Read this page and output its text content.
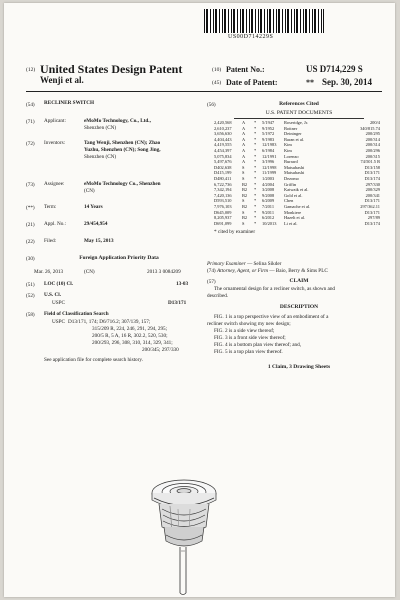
US00D714229S
(12) United States Design Patent
Wenji et al.
(10) Patent No.:	US D714,229 S
(45) Date of Patent:	** Sep. 30, 2014
(54) RECLINER SWITCH
(71) Applicant:	eMoMo Technology, Co., Ltd.,
Shenzhen (CN)
(72) Inventors:	Tang Wenji, Shenzhen (CN); Zhao
Yuzhu, Shenzhen (CN); Song Jing,
Shenzhen (CN)
(73) Assignee:	eMoMo Technology Co., Shenzhen
(CN)
(**) Term:	14 Years
(21) Appl. No.:	29/454,954
(22) Filed:	May 15, 2013
(30)	Foreign Application Priority Data
Mar. 26, 2013	(CN)	2013 3 0084209
(51) LOC (10) Cl.	13-03
(52) U.S. Cl.
USPC	D13/171
(58) Field of Classification Search
USPC D13/171, 174; D6/716.2; 307/139, 157;
315/209 R, 224, 246, 291, 294, 295;
200/5 R, 5 A, 16 R, 302.2, 520, 530;
200/293, 296, 308, 310, 314, 329, 341;
200/345; 297/330
See application file for complete search history.
(56)	References Cited
U.S. PATENT DOCUMENTS
* cited by examiner
Primary Examiner — Selina Sikder
(74) Attorney, Agent, or Firm — Baio, Berry & Sims PLC
(57)	CLAIM
The ornamental design for a recliner switch, as shown and
described.
DESCRIPTION
FIG. 1 is a top perspective view of an embodiment of a
recliner switch showing my new design;
FIG. 2 is a side view thereof;
FIG. 3 is a front side view thereof;
FIG. 4 is a bottom plan view thereof; and,
FIG. 5 is a top plan view thereof.
1 Claim, 3 Drawing Sheets
2,420,568 A * 5/1947 Roseridge, Jr.	200/4
2,610,237 A * 9/1952 Bottner	340/815.74
3,656,630 A * 5/1972 Deininger	200/295
4,404,443 A * 9/1983 Baran et al.	200/314
4,419,555 A * 12/1983 Kim	200/314
4,454,397 A * 6/1984 Kim	200/296
5,075,834 A * 12/1991 Lorenzo	200/315
5,497,676 A * 3/1996 Burrard	74/501.5 R
D402,638 S * 12/1998 Matsubashi	D13/158
D415,199 S * 11/1999 Matsubashi	D13/171
D480,411 S * 1/2003 Dezomo	D13/174
6,722,736 B2 * 4/2004 Griffin	297/330
7,342,194 B2 * 3/2008 Katwaik et al.	200/329
7,420,136 B2 * 9/2008 Gold et al.	200/341
D593,510 S * 6/2009 Chen	D13/171
7,976,103 B2 * 7/2011 Gamache et al.	297/362.11
D645,009 S * 9/2011 Monkiere	D13/171
8,205,937 B2 * 6/2012 Hazelt et al.	297/89
D691,099 S * 10/2013 Li et al.	D13/174
